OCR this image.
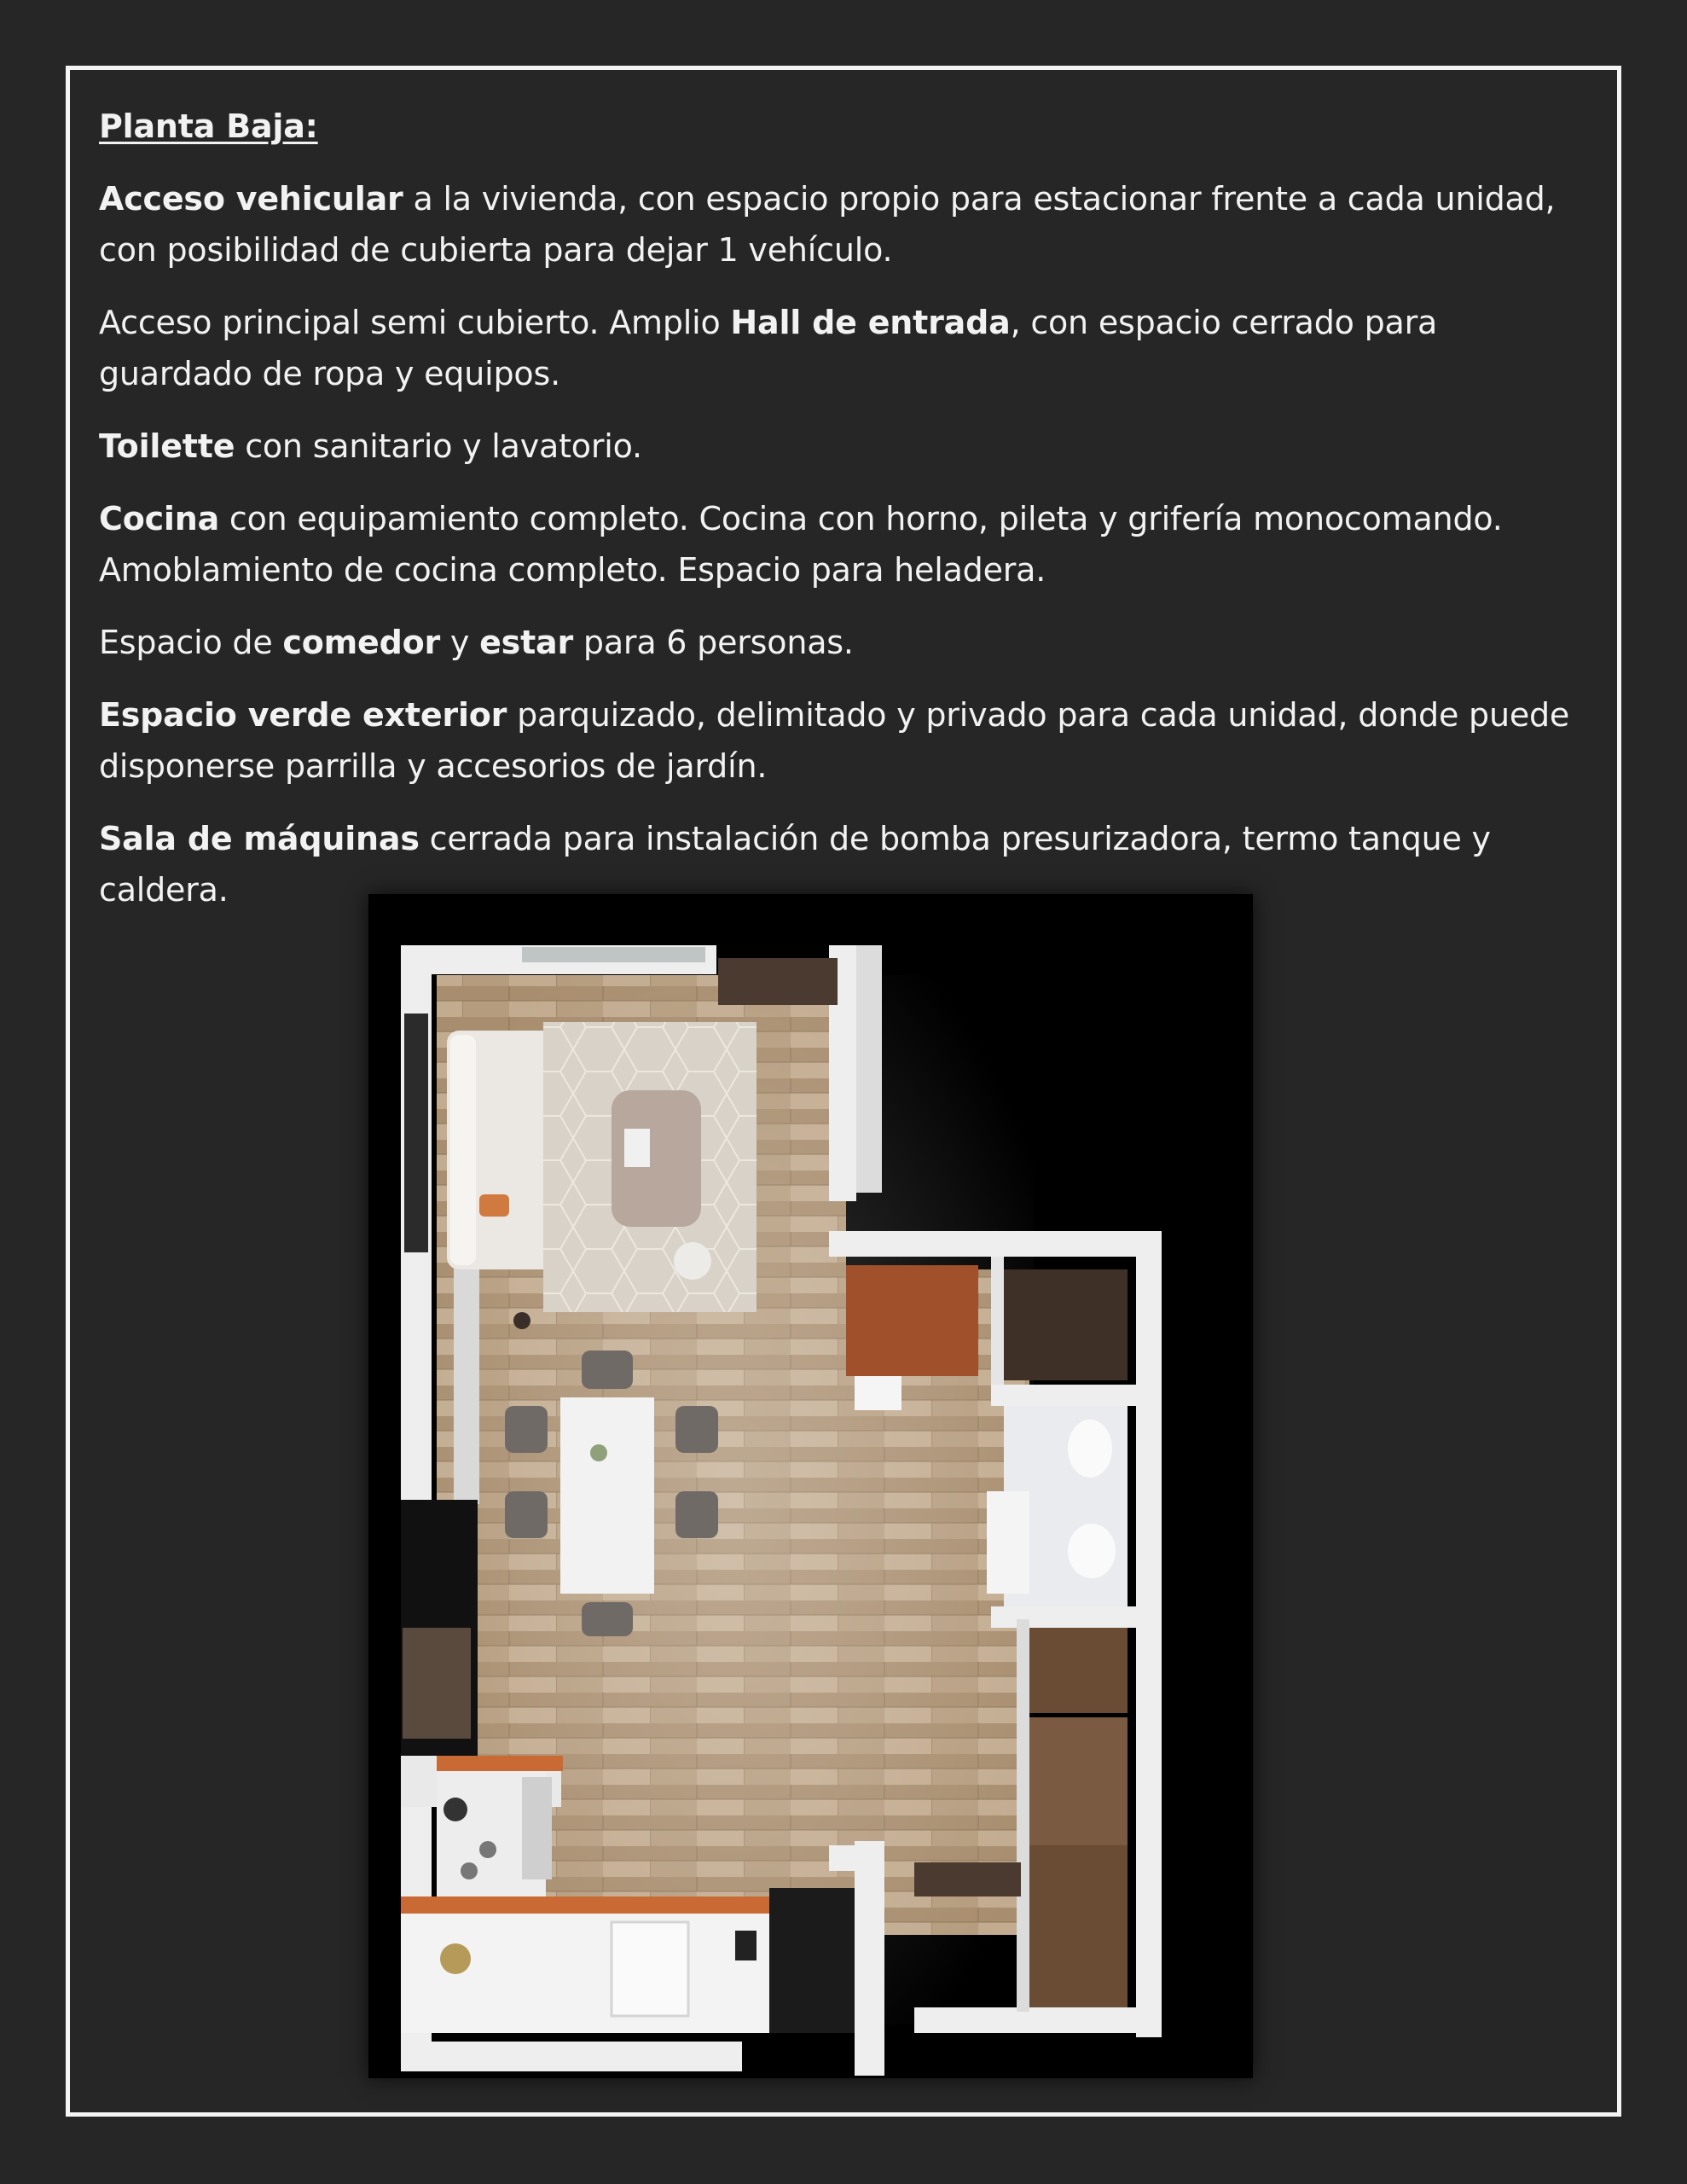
Planta Baja:

Acceso vehicular a la vivienda, con espacio propio para estacionar frente a cada unidad, con posibilidad de cubierta para dejar 1 vehículo.

Acceso principal semi cubierto. Amplio Hall de entrada, con espacio cerrado para guardado de ropa y equipos.

Toilette con sanitario y lavatorio.

Cocina con equipamiento completo. Cocina con horno, pileta y grifería monocomando. Amoblamiento de cocina completo. Espacio para heladera.

Espacio de comedor y estar para 6 personas.

Espacio verde exterior parquizado, delimitado y privado para cada unidad, donde puede disponerse parrilla y accesorios de jardín.

Sala de máquinas cerrada para instalación de bomba presurizadora, termo tanque y caldera.
